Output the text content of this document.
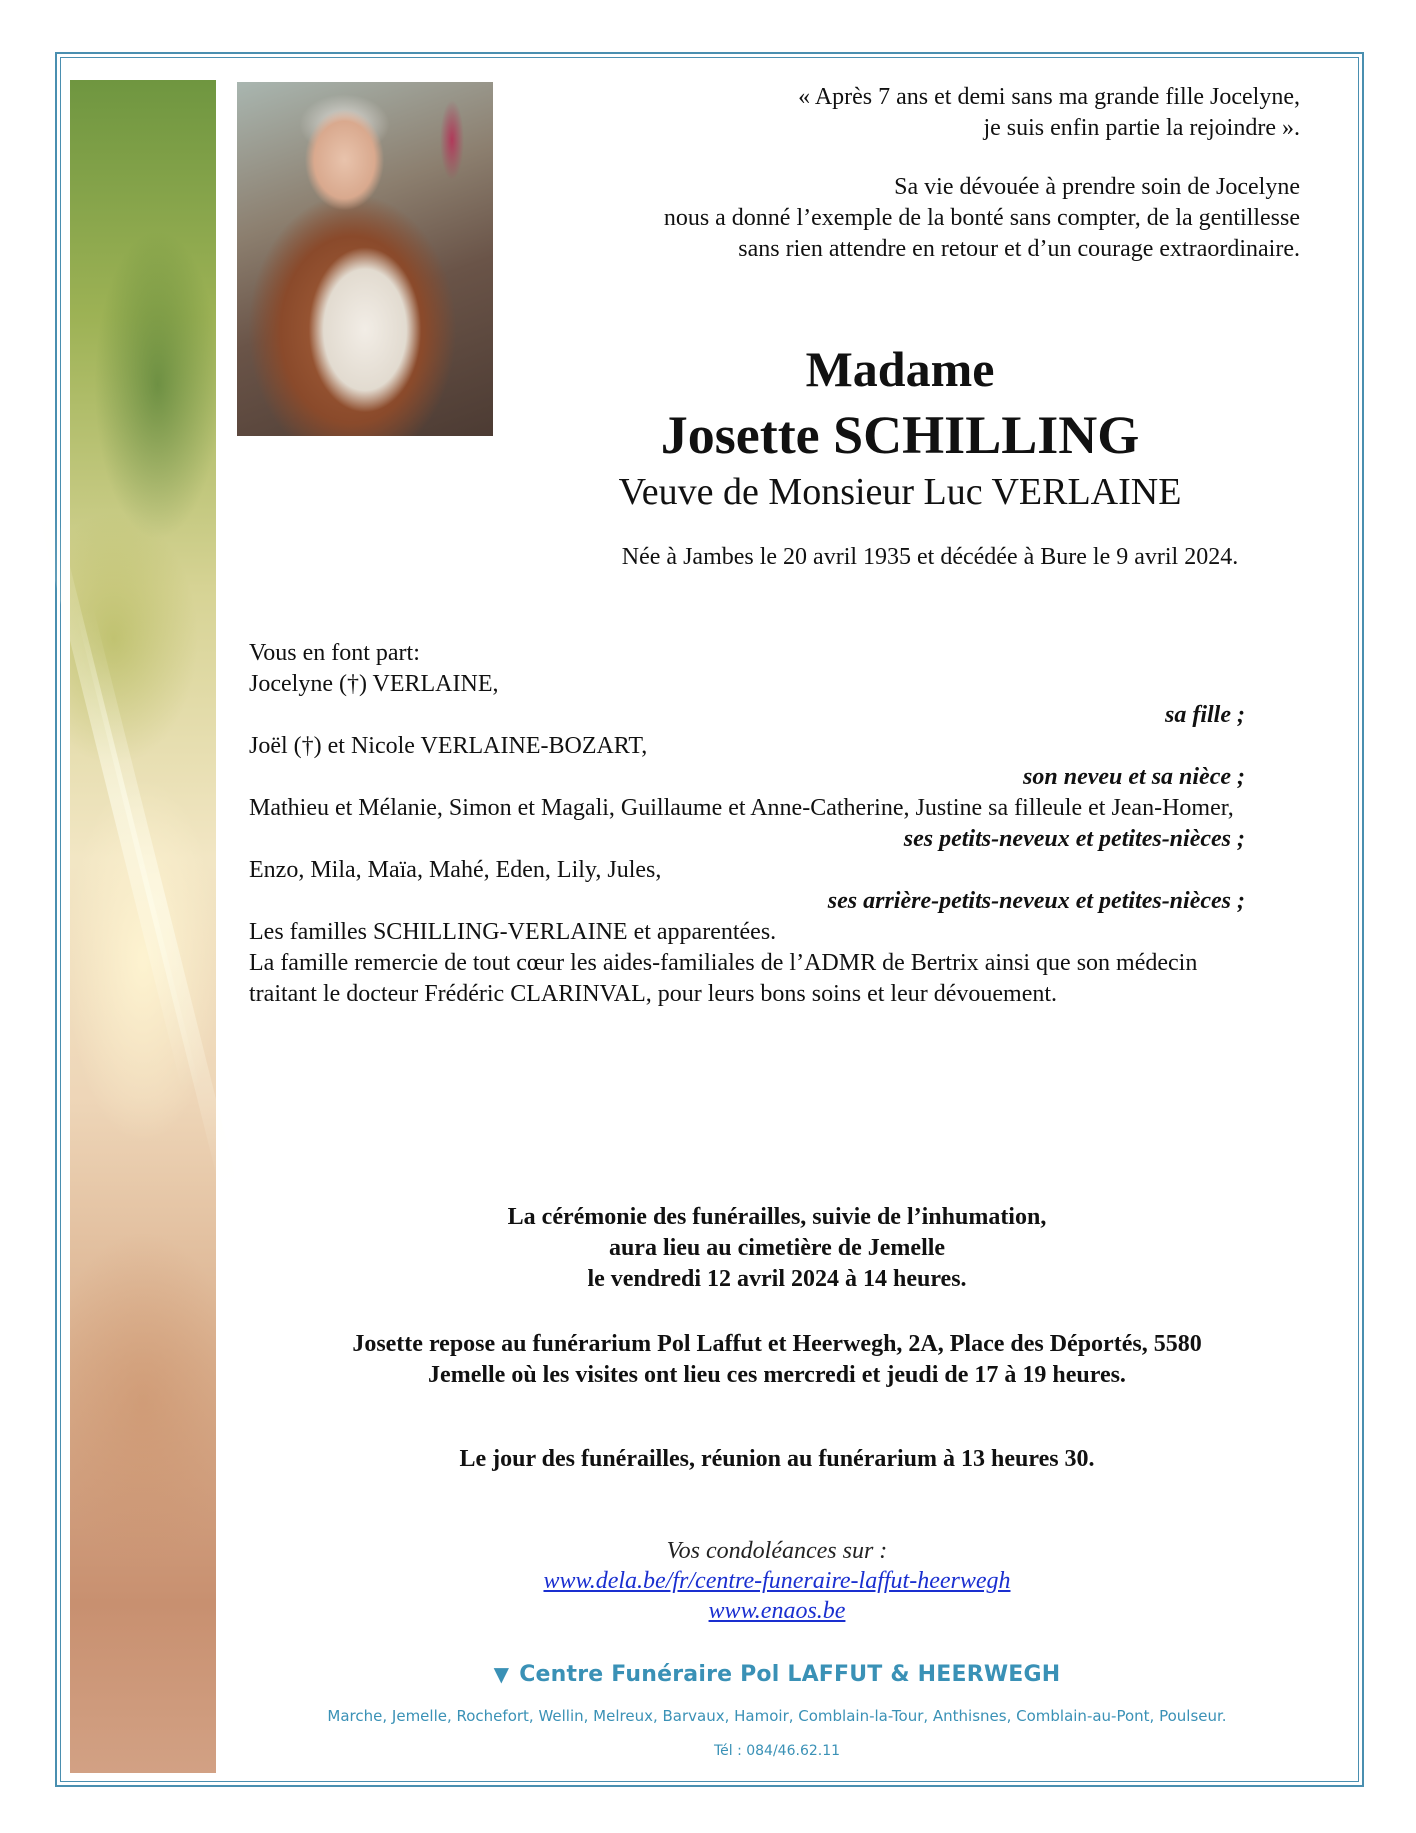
« Après 7 ans et demi sans ma grande fille Jocelyne,

je suis enfin partie la rejoindre ».

Sa vie dévouée à prendre soin de Jocelyne

nous a donné l’exemple de la bonté sans compter, de la gentillesse

sans rien attendre en retour et d’un courage extraordinaire.

Madame
Josette SCHILLING
Veuve de Monsieur Luc VERLAINE
Née à Jambes le 20 avril 1935 et décédée à Bure le 9 avril 2024.

Vous en font part:

Jocelyne (†) VERLAINE,

sa fille ;

Joël (†) et Nicole VERLAINE-BOZART,

son neveu et sa nièce ;

Mathieu et Mélanie, Simon et Magali, Guillaume et Anne-Catherine, Justine sa filleule et Jean-Homer,

ses petits-neveux et petites-nièces ;

Enzo, Mila, Maïa, Mahé, Eden, Lily, Jules,

ses arrière-petits-neveux et petites-nièces ;

Les familles SCHILLING-VERLAINE et apparentées.

La famille remercie de tout cœur les aides-familiales de l’ADMR de Bertrix ainsi que son médecin traitant le docteur Frédéric CLARINVAL, pour leurs bons soins et leur dévouement.

La cérémonie des funérailles, suivie de l’inhumation,

aura lieu au cimetière de Jemelle

le vendredi 12 avril 2024 à 14 heures.

Josette repose au funérarium Pol Laffut et Heerwegh, 2A, Place des Déportés, 5580

Jemelle où les visites ont lieu ces mercredi et jeudi de 17 à 19 heures.

Le jour des funérailles, réunion au funérarium à 13 heures 30.

Vos condoléances sur :
www.dela.be/fr/centre-funeraire-laffut-heerwegh
www.enaos.be
▼ Centre Funéraire Pol LAFFUT & HEERWEGH
Marche, Jemelle, Rochefort, Wellin, Melreux, Barvaux, Hamoir, Comblain-la-Tour, Anthisnes, Comblain-au-Pont, Poulseur.
Tél : 084/46.62.11
